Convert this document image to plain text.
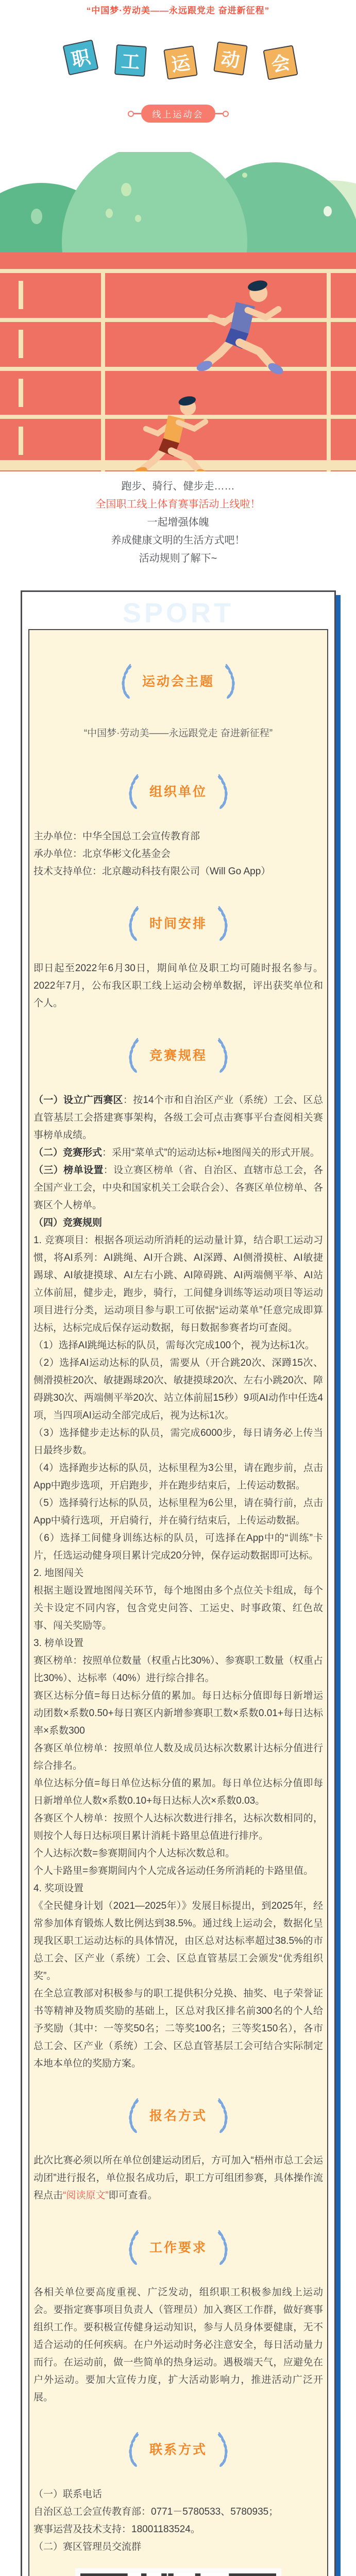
“中国梦·劳动美——永远跟党走 奋进新征程”
职 工 运 动 会
线上运动会
跑步、骑行、健步走……
全国职工线上体育赛事活动上线啦！
一起增强体魄
养成健康文明的生活方式吧！
活动规则了解下~
SPORT
运动会主题
“中国梦·劳动美——永远跟党走 奋进新征程”
组织单位
主办单位：中华全国总工会宣传教育部
承办单位：北京华彬文化基金会
技术支持单位：北京趣动科技有限公司（Will Go App）
时间安排
即日起至2022年6月30日，期间单位及职工均可随时报名参与。2022年7月，公布我区职工线上运动会榜单数据，评出获奖单位和个人。
竞赛规程
（一）设立广西赛区：按14个市和自治区产业（系统）工会、区总直管基层工会搭建赛事架构，各级工会可点击赛事平台查阅相关赛事榜单成绩。
（二）竞赛形式：采用“菜单式”的运动达标+地图闯关的形式开展。
（三）榜单设置：设立赛区榜单（省、自治区、直辖市总工会，各全国产业工会，中央和国家机关工会联合会）、各赛区单位榜单、各赛区个人榜单。
（四）竞赛规则
1. 竞赛项目：根据各项运动所消耗的运动量计算，结合职工运动习惯，将AI系列：AI跳绳、AI开合跳、AI深蹲、AI侧滑摸桩、AI敏捷踢球、AI敏捷摸球、AI左右小跳、AI障碍跳、AI两端侧平举、AI站立体前屈，健步走，跑步，骑行，工间健身训练等运动项目等运动项目进行分类，运动项目参与职工可依据“运动菜单”任意完成即算达标，达标完成后保存运动数据，每日数据参赛者均可查阅。
（1）选择AI跳绳达标的队员，需每次完成100个，视为达标1次。
（2）选择AI运动达标的队员，需要从（开合跳20次、深蹲15次、侧滑摸桩20次、敏捷踢球20次、敏捷摸球20次、左右小跳20次、障碍跳30次、两端侧平举20次、站立体前屈15秒）9项AI动作中任选4项，当四项AI运动全部完成后，视为达标1次。
（3）选择健步走达标的队员，需完成6000步，每日请务必上传当日最终步数。
（4）选择跑步达标的队员，达标里程为3公里，请在跑步前，点击App中跑步选项，开启跑步，并在跑步结束后，上传运动数据。
（5）选择骑行达标的队员，达标里程为6公里，请在骑行前，点击App中骑行选项，开启骑行，并在骑行结束后，上传运动数据。
（6）选择工间健身训练达标的队员，可选择在App中的“训练”卡片，任选运动健身项目累计完成20分钟，保存运动数据即可达标。
2. 地图闯关
根据主题设置地图闯关环节，每个地图由多个点位关卡组成，每个关卡设定不同内容，包含党史问答、工运史、时事政策、红色故事、闯关奖励等。
3. 榜单设置
赛区榜单：按照单位数量（权重占比30%）、参赛职工数量（权重占比30%）、达标率（40%）进行综合排名。
赛区达标分值=每日达标分值的累加。每日达标分值即每日新增运动团数×系数0.50+每日赛区内新增参赛职工数×系数0.01+每日达标率×系数300
各赛区单位榜单：按照单位人数及成员达标次数累计达标分值进行综合排名。
单位达标分值=每日单位达标分值的累加。每日单位达标分值即每日新增单位人数×系数0.10+每日达标人次×系数0.03。
各赛区个人榜单：按照个人达标次数进行排名，达标次数相同的，则按个人每日达标项目累计消耗卡路里总值进行排序。
个人达标次数=参赛期间内个人达标次数总和。
个人卡路里=参赛期间内个人完成各运动任务所消耗的卡路里值。
4. 奖项设置
《全民健身计划（2021—2025年）》发展目标提出，到2025年，经常参加体育锻炼人数比例达到38.5%。通过线上运动会，数据化呈现我区职工运动达标的具体情况，由区总对达标率超过38.5%的市总工会、区产业（系统）工会、区总直管基层工会颁发“优秀组织奖”。
在全总宣教部对积极参与的职工提供积分兑换、抽奖、电子荣誉证书等精神及物质奖励的基础上，区总对我区排名前300名的个人给予奖励（其中：一等奖50名；二等奖100名；三等奖150名），各市总工会、区产业（系统）工会、区总直管基层工会可结合实际制定本地本单位的奖励方案。
报名方式
此次比赛必须以所在单位创建运动团后，方可加入“梧州市总工会运动团”进行报名，单位报名成功后，职工方可组团参赛，具体操作流程点击“阅读原文”即可查看。
工作要求
各相关单位要高度重视、广泛发动，组织职工积极参加线上运动会。要指定赛事项目负责人（管理员）加入赛区工作群，做好赛事组织工作。要积极宣传健身运动知识，参与人员身体要健康，无不适合运动的任何疾病。在户外运动时务必注意安全，每日活动量力而行。在运动前，做一些简单的热身运动。遇极端天气，应避免在户外运动。要加大宣传力度，扩大活动影响力，推进活动广泛开展。
联系方式
（一）联系电话
自治区总工会宣传教育部：0771－5780533、5780935；
赛事运营及技术支持：18001183524。
（二）赛区管理员交流群
